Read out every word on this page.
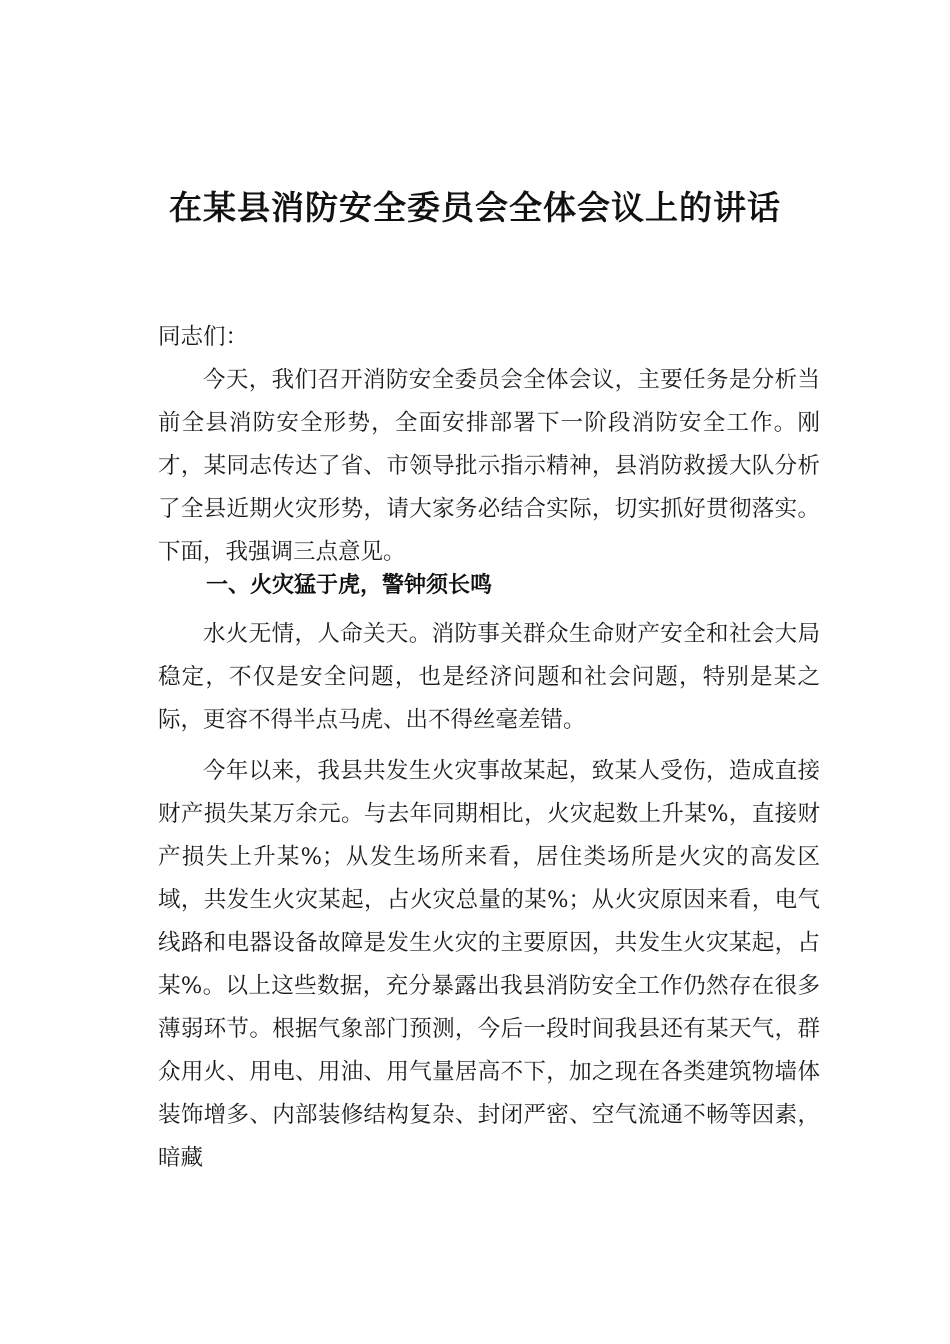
在某县消防安全委员会全体会议上的讲话

同志们：

今天，我们召开消防安全委员会全体会议，主要任务是分析当前全县消防安全形势，全面安排部署下一阶段消防安全工作。刚才，某同志传达了省、市领导批示指示精神，县消防救援大队分析了全县近期火灾形势，请大家务必结合实际，切实抓好贯彻落实。下面，我强调三点意见。

一、火灾猛于虎，警钟须长鸣

水火无情，人命关天。消防事关群众生命财产安全和社会大局稳定，不仅是安全问题，也是经济问题和社会问题，特别是某之际，更容不得半点马虎、出不得丝毫差错。

今年以来，我县共发生火灾事故某起，致某人受伤，造成直接财产损失某万余元。与去年同期相比，火灾起数上升某%，直接财产损失上升某%；从发生场所来看，居住类场所是火灾的高发区域，共发生火灾某起，占火灾总量的某%；从火灾原因来看，电气线路和电器设备故障是发生火灾的主要原因，共发生火灾某起，占某%。以上这些数据，充分暴露出我县消防安全工作仍然存在很多薄弱环节。根据气象部门预测，今后一段时间我县还有某天气，群众用火、用电、用油、用气量居高不下，加之现在各类建筑物墙体装饰增多、内部装修结构复杂、封闭严密、空气流通不畅等因素，暗藏
